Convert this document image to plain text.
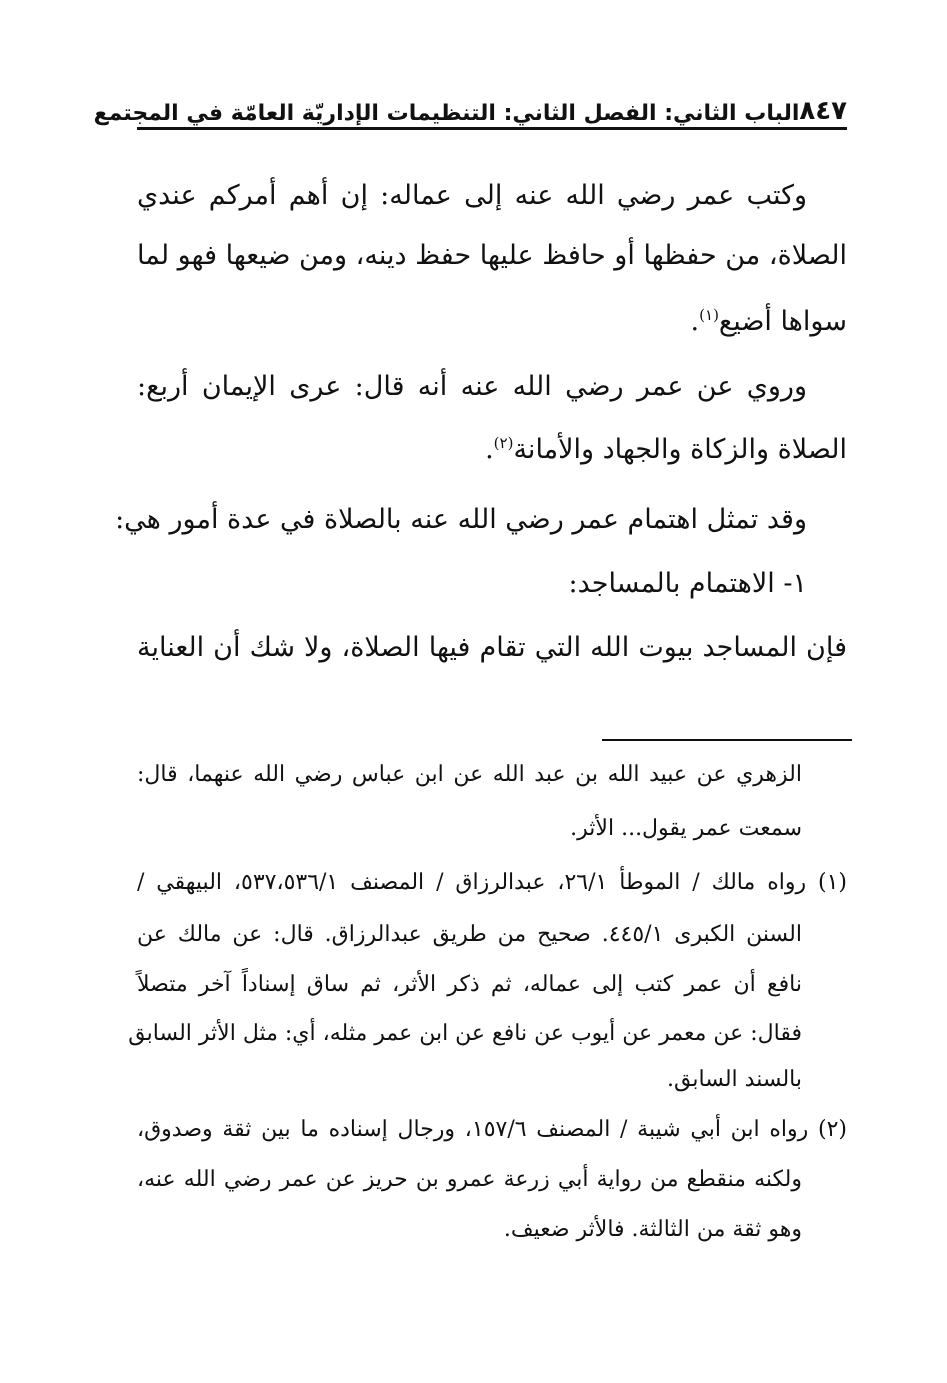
٨٤٧
الباب الثاني: الفصل الثاني: التنظيمات الإداريّة العامّة في المجتمع
وكتب عمر رضي الله عنه إلى عماله: إن أهم أمركم عندي
الصلاة، من حفظها أو حافظ عليها حفظ دينه، ومن ضيعها فهو لما
سواها أضيع$^{(١)}$.
وروي عن عمر رضي الله عنه أنه قال: عرى الإيمان أربع:
الصلاة والزكاة والجهاد والأمانة$^{(٢)}$.
وقد تمثل اهتمام عمر رضي الله عنه بالصلاة في عدة أمور هي:
١- الاهتمام بالمساجد:
فإن المساجد بيوت الله التي تقام فيها الصلاة، ولا شك أن العناية
الزهري عن عبيد الله بن عبد الله عن ابن عباس رضي الله عنهما، قال:
سمعت عمر يقول... الأثر.
(١) رواه مالك / الموطأ ٢٦/١، عبدالرزاق / المصنف ٥٣٧،٥٣٦/١، البيهقي /
السنن الكبرى ٤٤٥/١. صحيح من طريق عبدالرزاق. قال: عن مالك عن
نافع أن عمر كتب إلى عماله، ثم ذكر الأثر، ثم ساق إسناداً آخر متصلاً
فقال: عن معمر عن أيوب عن نافع عن ابن عمر مثله، أي: مثل الأثر السابق
بالسند السابق.
(٢) رواه ابن أبي شيبة / المصنف ١٥٧/٦، ورجال إسناده ما بين ثقة وصدوق،
ولكنه منقطع من رواية أبي زرعة عمرو بن حريز عن عمر رضي الله عنه،
وهو ثقة من الثالثة. فالأثر ضعيف.
